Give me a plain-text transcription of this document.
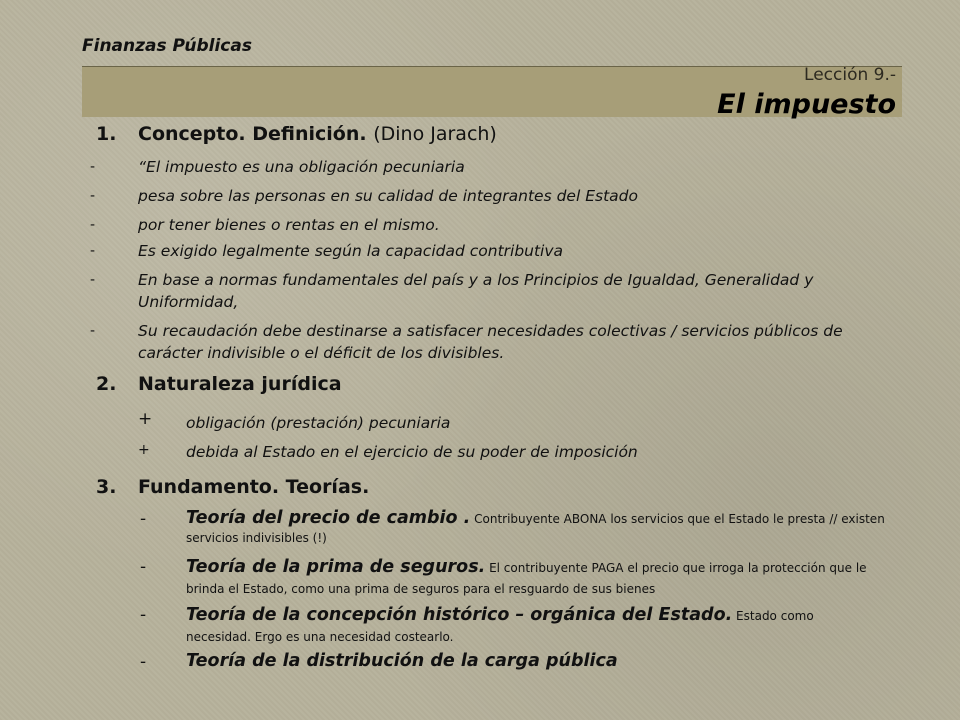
Finanzas Públicas
Lección 9.-
El impuesto
1. Concepto. Definición. (Dino Jarach)
-	“El impuesto es una obligación pecuniaria
-	pesa sobre las personas en su calidad de integrantes del Estado
-	por tener bienes o rentas en el mismo.
-	Es exigido legalmente según la capacidad contributiva
-	En base a normas fundamentales del país y a los Principios de Igualdad, Generalidad y Uniformidad,
-	Su recaudación debe destinarse a satisfacer necesidades colectivas / servicios públicos de carácter indivisible o el déficit de los divisibles.
2. Naturaleza jurídica
+ obligación (prestación) pecuniaria
+ debida al Estado en el ejercicio de su poder de imposición
3. Fundamento. Teorías.
- Teoría del precio de cambio . Contribuyente ABONA los servicios que el Estado le presta // existen servicios indivisibles (!)
- Teoría de la prima de seguros. El contribuyente PAGA el precio que irroga la protección que le brinda el Estado, como una prima de seguros para el resguardo de sus bienes
- Teoría de la concepción histórico – orgánica del Estado. Estado como necesidad. Ergo es una necesidad costearlo.
- Teoría de la distribución de la carga pública
